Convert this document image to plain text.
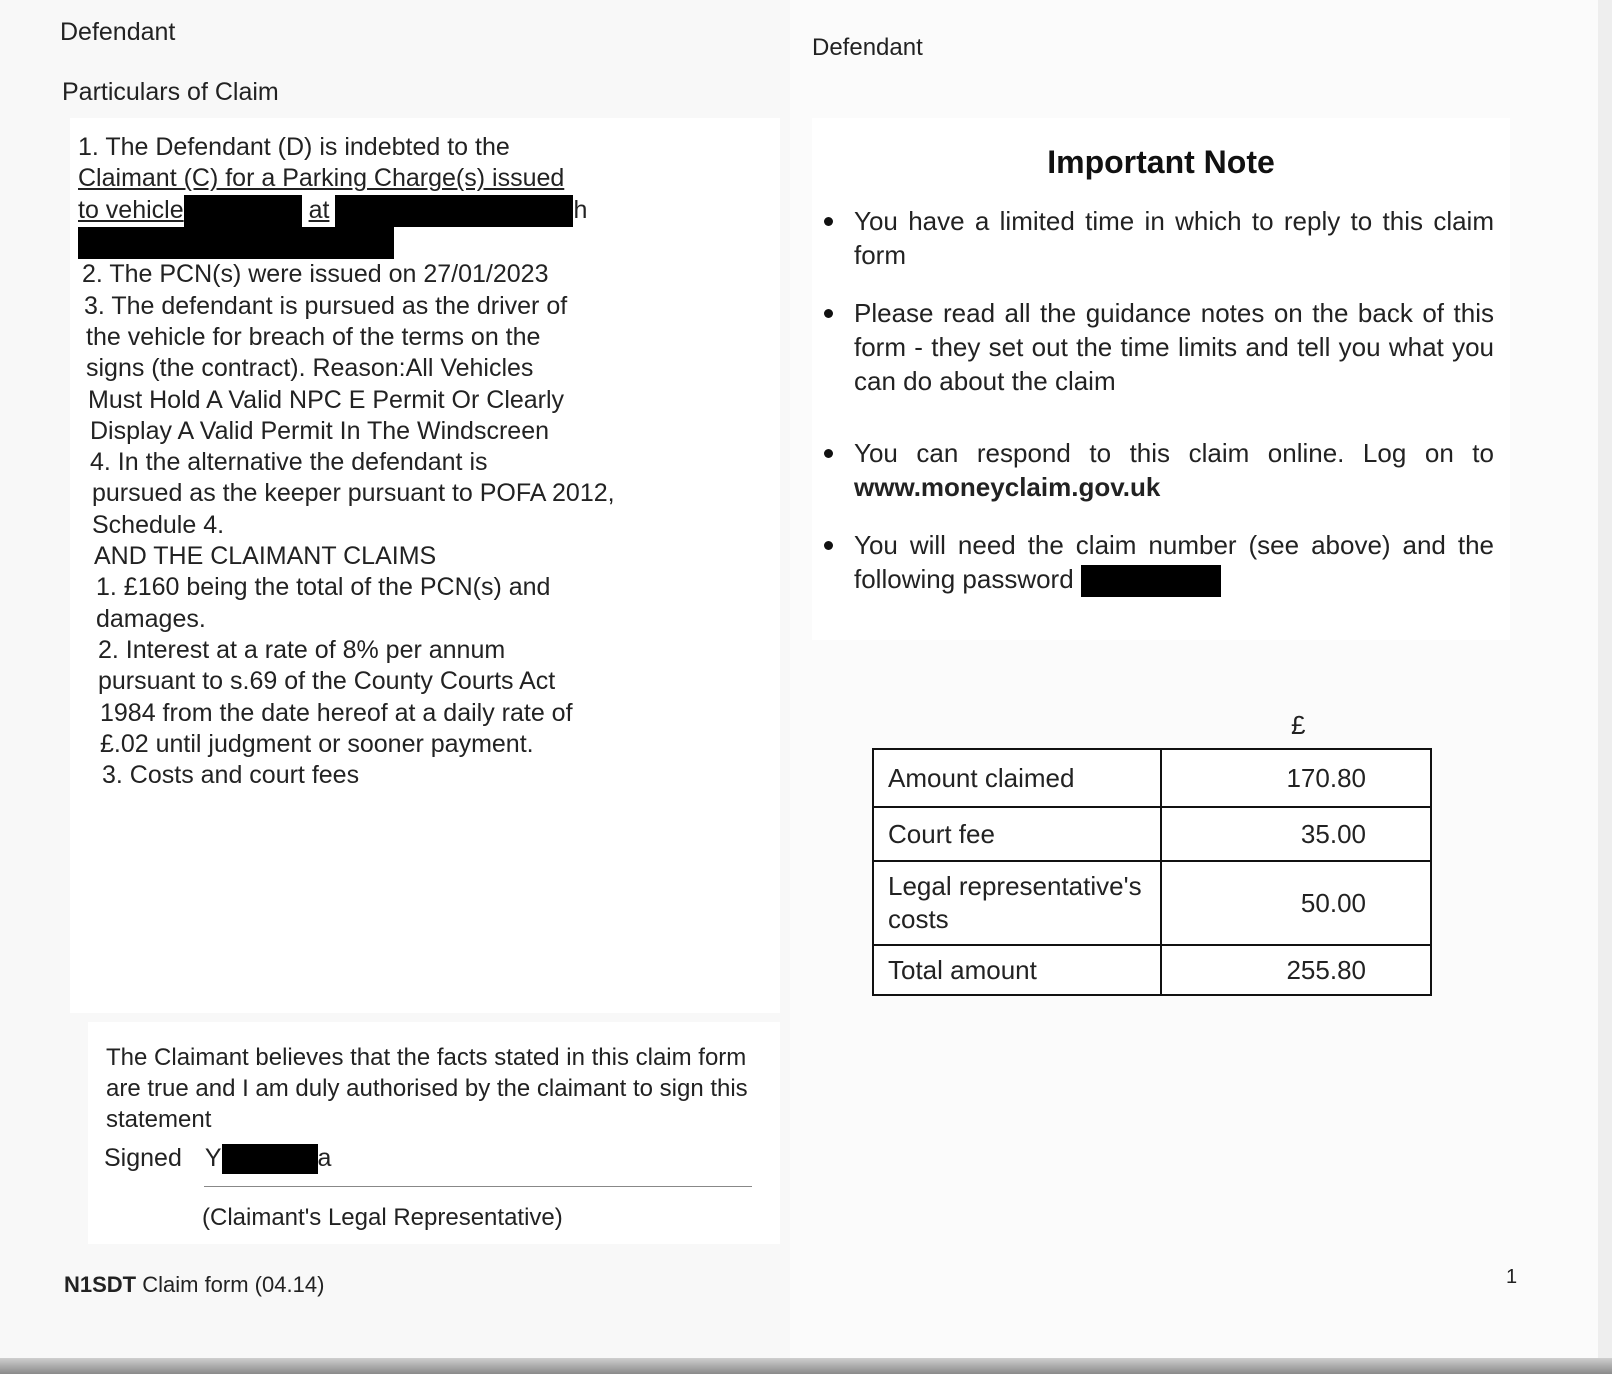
Defendant
Particulars of Claim
1. The Defendant (D) is indebted to the
Claimant (C) for a Parking Charge(s) issued
to vehicle	at	h
2. The PCN(s) were issued on 27/01/2023
3. The defendant is pursued as the driver of
the vehicle for breach of the terms on the
signs (the contract). Reason:All Vehicles
Must Hold A Valid NPC E Permit Or Clearly
Display A Valid Permit In The Windscreen
4. In the alternative the defendant is
pursued as the keeper pursuant to POFA 2012,
Schedule 4.
AND THE CLAIMANT CLAIMS
1. £160 being the total of the PCN(s) and
damages.
2. Interest at a rate of 8% per annum
pursuant to s.69 of the County Courts Act
1984 from the date hereof at a daily rate of
£.02 until judgment or sooner payment.
3. Costs and court fees
The Claimant believes that the facts stated in this claim form are true and I am duly authorised by the claimant to sign this statement
Signed Y	a
(Claimant's Legal Representative)
N1SDT Claim form (04.14)
Defendant
Important Note
You have a limited time in which to reply to this claim form
Please read all the guidance notes on the back of this form - they set out the time limits and tell you what you can do about the claim
You can respond to this claim online. Log on to www.moneyclaim.gov.uk
You will need the claim number (see above) and the following password
£
Amount claimed	170.80
Court fee	35.00
Legal representative's costs	50.00
Total amount	255.80
1
